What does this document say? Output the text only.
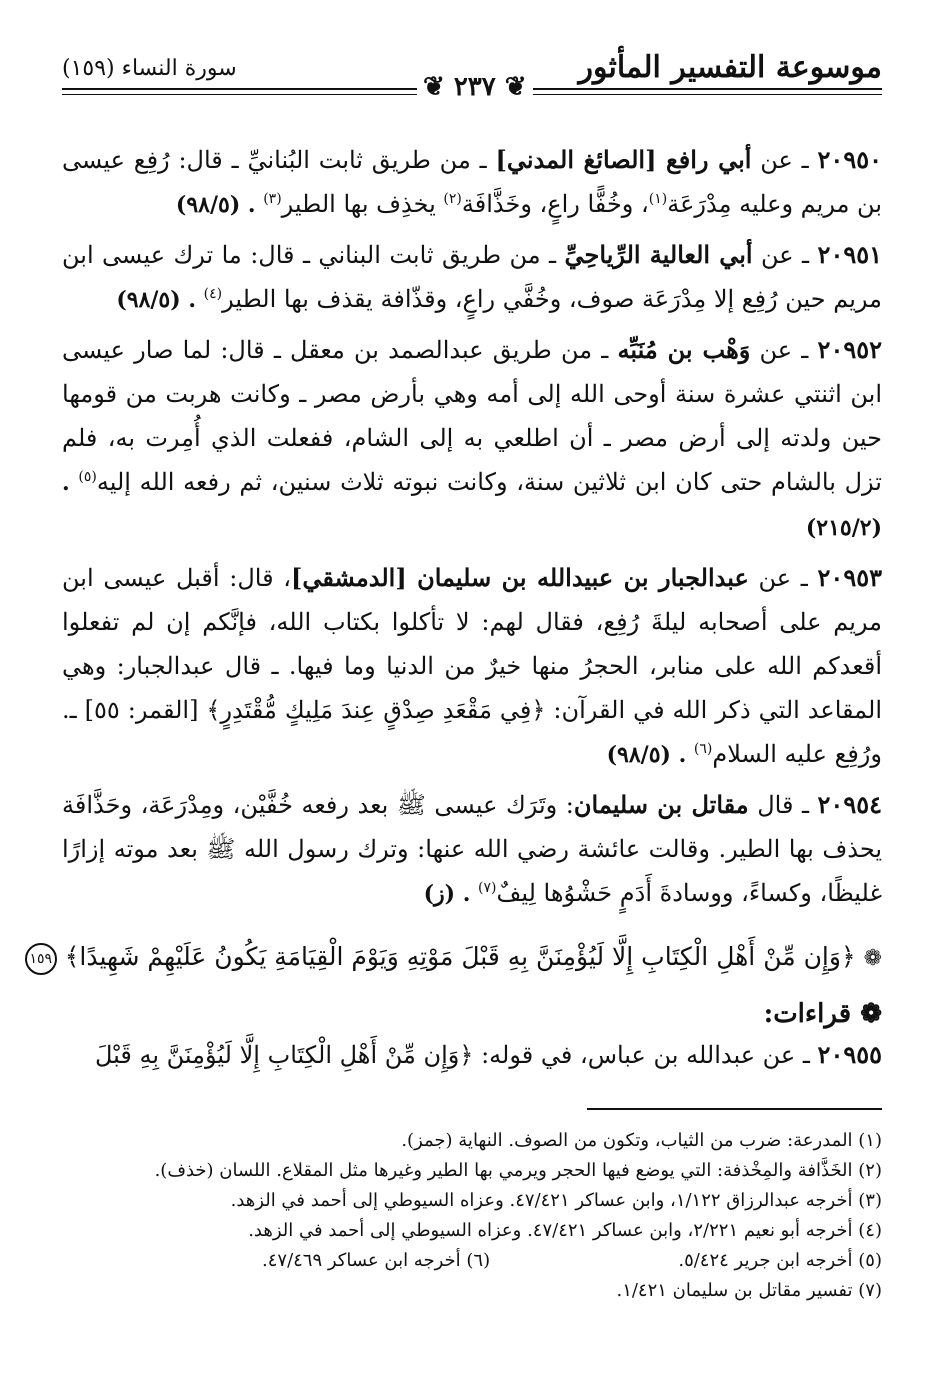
موسوعة التفسير المأثور
سورة النساء (١٥٩)
❦ ٢٣٧ ❦
٢٠٩٥٠ ـ عن أبي رافع [الصائغ المدني] ـ من طريق ثابت البُنانيِّ ـ قال: رُفِع عيسى بن مريم وعليه مِدْرَعَة$^{(١)}$، وخُفًّا راعٍ، وخَذَّافَة$^{(٢)}$ يخذِف بها الطير$^{(٣)}$ . (٩٨/٥)
٢٠٩٥١ ـ عن أبي العالية الرِّياحِيِّ ـ من طريق ثابت البناني ـ قال: ما ترك عيسى ابن مريم حين رُفِع إلا مِدْرَعَة صوف، وخُفَّي راعٍ، وقذّافة يقذف بها الطير$^{(٤)}$ . (٩٨/٥)
٢٠٩٥٢ ـ عن وَهْب بن مُنَبِّه ـ من طريق عبدالصمد بن معقل ـ قال: لما صار عيسى ابن اثنتي عشرة سنة أوحى الله إلى أمه وهي بأرض مصر ـ وكانت هربت من قومها حين ولدته إلى أرض مصر ـ أن اطلعي به إلى الشام، ففعلت الذي أُمِرت به، فلم تزل بالشام حتى كان ابن ثلاثين سنة، وكانت نبوته ثلاث سنين، ثم رفعه الله إليه$^{(٥)}$ . (٢١٥/٢)
٢٠٩٥٣ ـ عن عبدالجبار بن عبيدالله بن سليمان [الدمشقي]، قال: أقبل عيسى ابن مريم على أصحابه ليلةَ رُفِع، فقال لهم: لا تأكلوا بكتاب الله، فإنَّكم إن لم تفعلوا أقعدكم الله على منابر، الحجرُ منها خيرٌ من الدنيا وما فيها. ـ قال عبدالجبار: وهي المقاعد التي ذكر الله في القرآن: ﴿فِي مَقْعَدِ صِدْقٍ عِندَ مَلِيكٍ مُّقْتَدِرٍ﴾ [القمر: ٥٥] ـ. ورُفِع عليه السلام$^{(٦)}$ . (٩٨/٥)
٢٠٩٥٤ ـ قال مقاتل بن سليمان: وتَرَك عيسى ﷺ بعد رفعه خُفَّيْن، ومِدْرَعَة، وحَذَّافَة يحذف بها الطير. وقالت عائشة رضي الله عنها: وترك رسول الله ﷺ بعد موته إزارًا غليظًا، وكساءً، ووسادةَ أَدَمٍ حَشْوُها لِيفٌ$^{(٧)}$ . (ز)
❁ ﴿وَإِن مِّنْ أَهْلِ الْكِتَابِ إِلَّا لَيُؤْمِنَنَّ بِهِ قَبْلَ مَوْتِهِ وَيَوْمَ الْقِيَامَةِ يَكُونُ عَلَيْهِمْ شَهِيدًا﴾ ١٥٩
❁ قراءات:
٢٠٩٥٥ ـ عن عبدالله بن عباس، في قوله: ﴿وَإِن مِّنْ أَهْلِ الْكِتَابِ إِلَّا لَيُؤْمِنَنَّ بِهِ قَبْلَ
(١) المدرعة: ضرب من الثياب، وتكون من الصوف. النهاية (جمز).
(٢) الخَذَّافة والمِخْذفة: التي يوضع فيها الحجر ويرمي بها الطير وغيرها مثل المقلاع. اللسان (خذف).
(٣) أخرجه عبدالرزاق ١/١٢٢، وابن عساكر ٤٧/٤٢١. وعزاه السيوطي إلى أحمد في الزهد.
(٤) أخرجه أبو نعيم ٢/٢٢١، وابن عساكر ٤٧/٤٢١. وعزاه السيوطي إلى أحمد في الزهد.
(٥) أخرجه ابن جرير ٥/٤٢٤.
(٦) أخرجه ابن عساكر ٤٧/٤٦٩.
(٧) تفسير مقاتل بن سليمان ١/٤٢١.
